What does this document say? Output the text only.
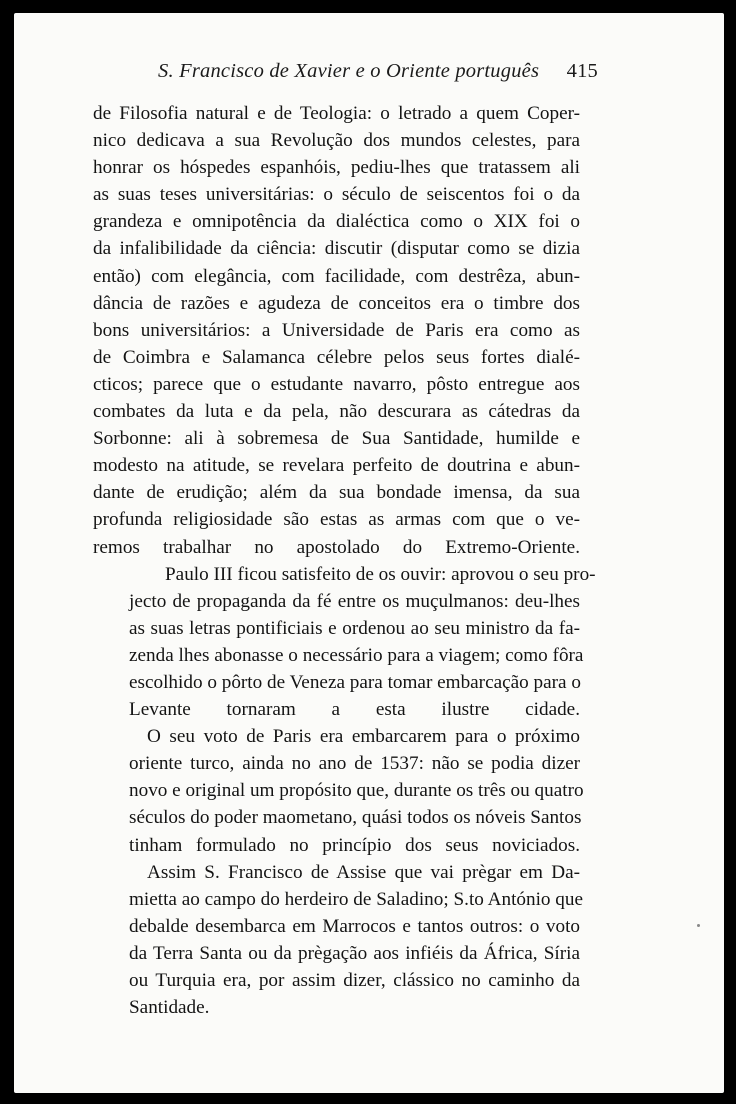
S. Francisco de Xavier e o Oriente português 415

de Filosofia natural e de Teologia: o letrado a quem Coper-
nico dedicava a sua Revolução dos mundos celestes, para
honrar os hóspedes espanhóis, pediu-lhes que tratassem ali
as suas teses universitárias: o século de seiscentos foi o da
grandeza e omnipotência da dialéctica como o XIX foi o
da infalibilidade da ciência: discutir (disputar como se dizia
então) com elegância, com facilidade, com destrêza, abun-
dância de razões e agudeza de conceitos era o timbre dos
bons universitários: a Universidade de Paris era como as
de Coimbra e Salamanca célebre pelos seus fortes dialé-
cticos; parece que o estudante navarro, pôsto entregue aos
combates da luta e da pela, não descurara as cátedras da
Sorbonne: ali à sobremesa de Sua Santidade, humilde e
modesto na atitude, se revelara perfeito de doutrina e abun-
dante de erudição; além da sua bondade imensa, da sua
profunda religiosidade são estas as armas com que o ve-
remos trabalhar no apostolado do Extremo-Oriente.

Paulo III ficou satisfeito de os ouvir: aprovou o seu pro-
jecto de propaganda da fé entre os muçulmanos: deu-lhes
as suas letras pontificiais e ordenou ao seu ministro da fa-
zenda lhes abonasse o necessário para a viagem; como fôra
escolhido o pôrto de Veneza para tomar embarcação para o
Levante tornaram a esta ilustre cidade.

O seu voto de Paris era embarcarem para o próximo
oriente turco, ainda no ano de 1537: não se podia dizer
novo e original um propósito que, durante os três ou quatro
séculos do poder maometano, quási todos os nóveis Santos
tinham formulado no princípio dos seus noviciados.

Assim S. Francisco de Assise que vai prègar em Da-
mietta ao campo do herdeiro de Saladino; S.to António que
debalde desembarca em Marrocos e tantos outros: o voto
da Terra Santa ou da prègação aos infiéis da África, Síria
ou Turquia era, por assim dizer, clássico no caminho da
Santidade.
